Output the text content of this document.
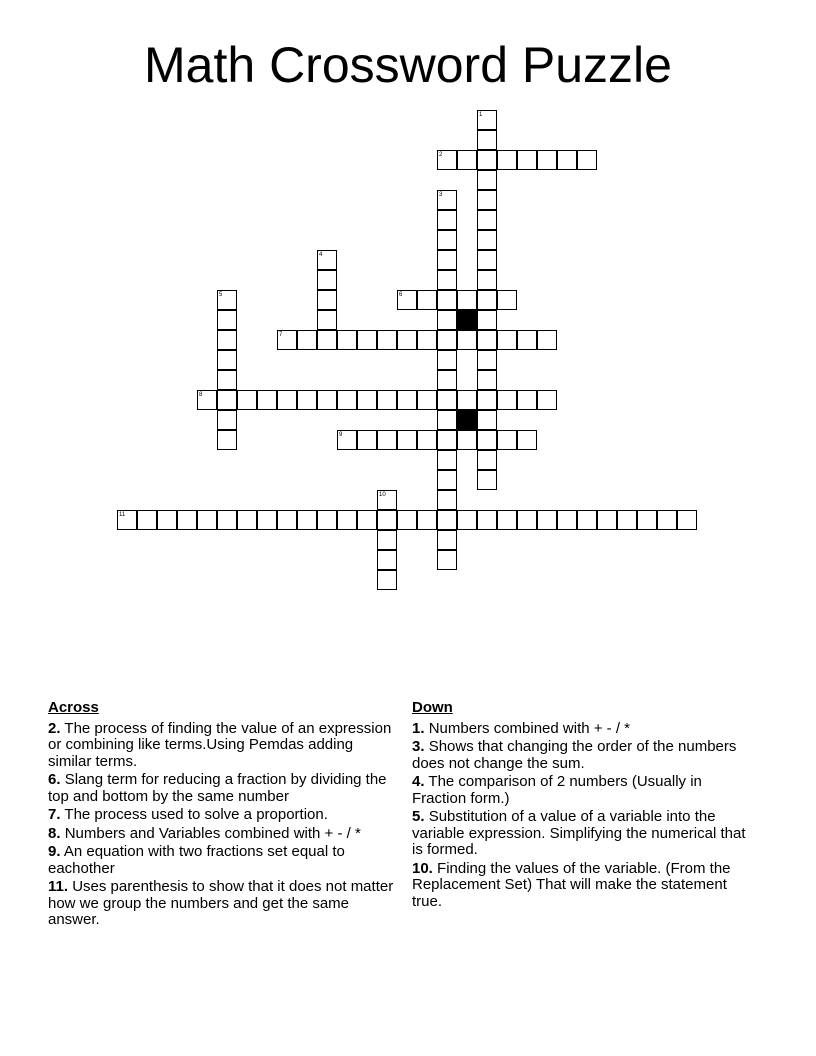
Math Crossword Puzzle
1
2
3
4
5	6
7
8
9
10
11
Across
2. The process of finding the value of an expression or combining like terms.Using Pemdas adding similar terms.
6. Slang term for reducing a fraction by dividing the top and bottom by the same number
7. The process used to solve a proportion.
8. Numbers and Variables combined with + - / *
9. An equation with two fractions set equal to eachother
11. Uses parenthesis to show that it does not matter how we group the numbers and get the same answer.
Down
1. Numbers combined with + - / *
3. Shows that changing the order of the numbers does not change the sum.
4. The comparison of 2 numbers (Usually in Fraction form.)
5. Substitution of a value of a variable into the variable expression. Simplifying the numerical that is formed.
10. Finding the values of the variable. (From the Replacement Set) That will make the statement true.
